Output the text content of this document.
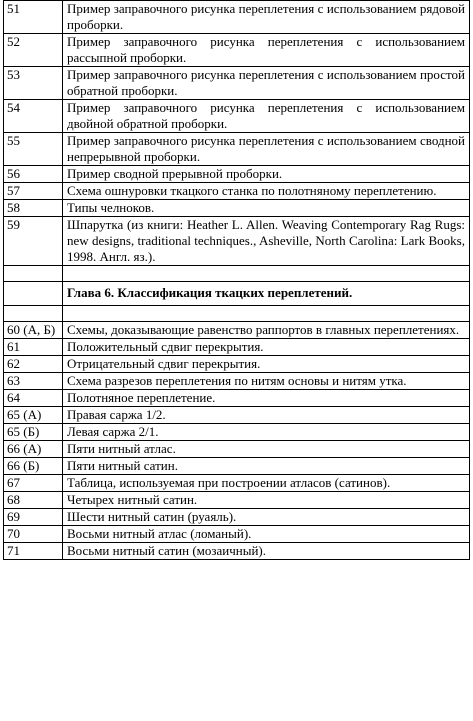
51	Пример заправочного рисунка переплетения с использованием рядовой проборки.
52	Пример заправочного рисунка переплетения с использованием рассыпной проборки.
53	Пример заправочного рисунка переплетения с использованием простой обратной проборки.
54	Пример заправочного рисунка переплетения с использованием двойной обратной проборки.
55	Пример заправочного рисунка переплетения с использованием сводной непрерывной проборки.
56	Пример сводной прерывной проборки.
57	Схема ошнуровки ткацкого станка по полотняному переплетению.
58	Типы челноков.
59	Шпарутка (из книги: Heather L. Allen. Weaving Contemporary Rag Rugs: new designs, traditional techniques., Asheville, North Carolina: Lark Books, 1998. Англ. яз.).

	Глава 6. Классификация ткацких переплетений.

60 (А, Б)	Схемы, доказывающие равенство раппортов в главных переплетениях.
61	Положительный сдвиг перекрытия.
62	Отрицательный сдвиг перекрытия.
63	Схема разрезов переплетения по нитям основы и нитям утка.
64	Полотняное переплетение.
65 (А)	Правая саржа 1/2.
65 (Б)	Левая саржа 2/1.
66 (А)	Пяти нитный атлас.
66 (Б)	Пяти нитный сатин.
67	Таблица, используемая при построении атласов (сатинов).
68	Четырех нитный сатин.
69	Шести нитный сатин (руаяль).
70	Восьми нитный атлас (ломаный).
71	Восьми нитный сатин (мозаичный).
